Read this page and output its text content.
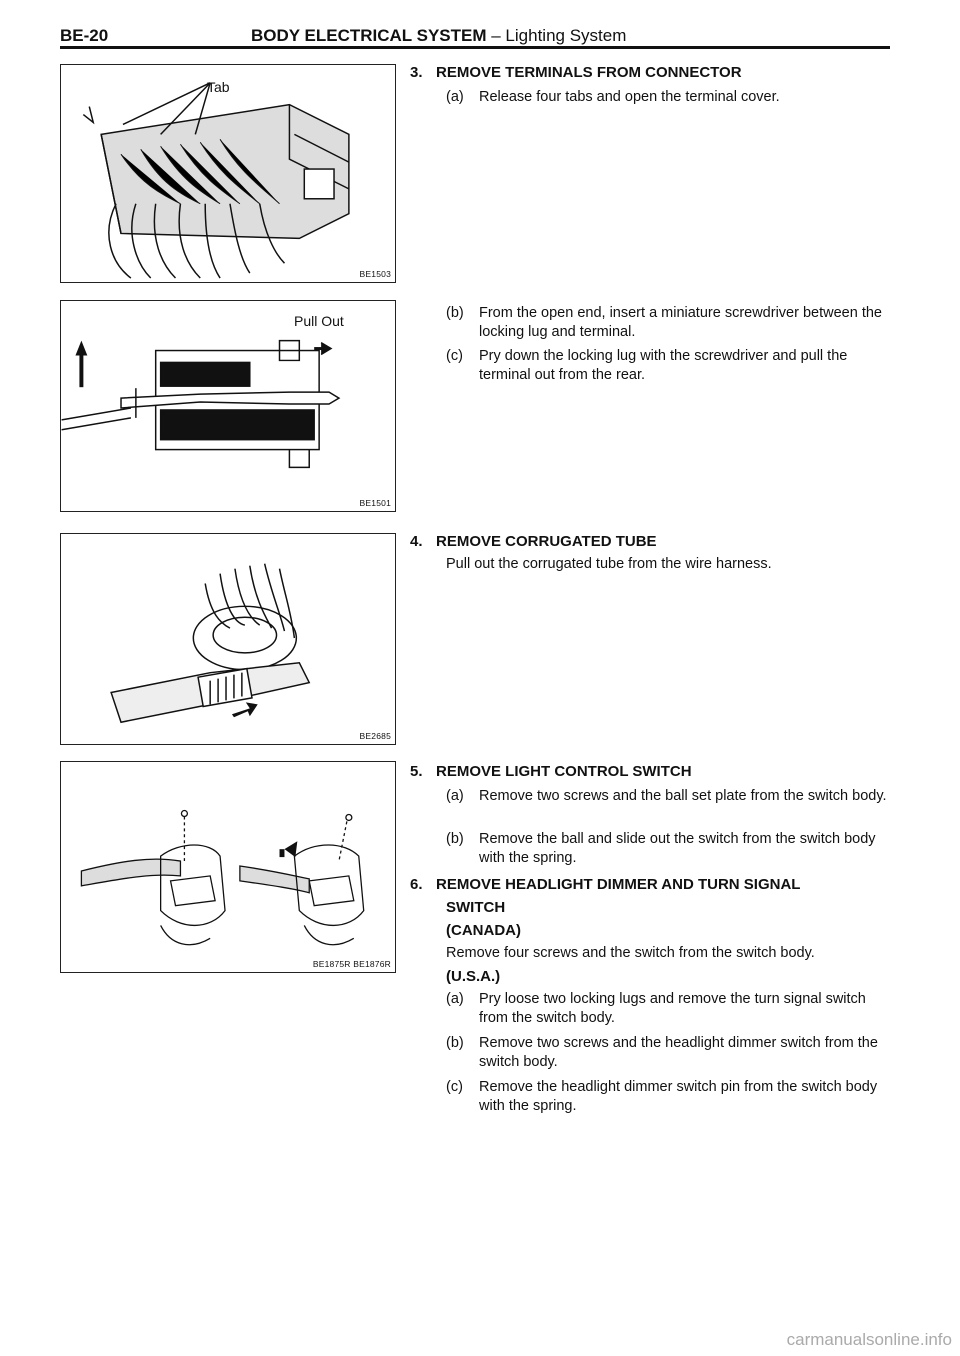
BE-20	BODY ELECTRICAL SYSTEM – Lighting System
Tab
BE1503
Pull Out
BE1501
BE2685
BE1875R BE1876R
3. REMOVE TERMINALS FROM CONNECTOR
(a) Release four tabs and open the terminal cover.
(b) From the open end, insert a miniature screwdriver between the locking lug and terminal.
(c) Pry down the locking lug with the screwdriver and pull the terminal out from the rear.
4. REMOVE CORRUGATED TUBE
Pull out the corrugated tube from the wire harness.
5. REMOVE LIGHT CONTROL SWITCH
(a) Remove two screws and the ball set plate from the switch body.
(b) Remove the ball and slide out the switch from the switch body with the spring.
6. REMOVE HEADLIGHT DIMMER AND TURN SIGNAL
SWITCH
(CANADA)
Remove four screws and the switch from the switch body.
(U.S.A.)
(a) Pry loose two locking lugs and remove the turn signal switch from the switch body.
(b) Remove two screws and the headlight dimmer switch from the switch body.
(c) Remove the headlight dimmer switch pin from the switch body with the spring.
carmanualsonline.info
